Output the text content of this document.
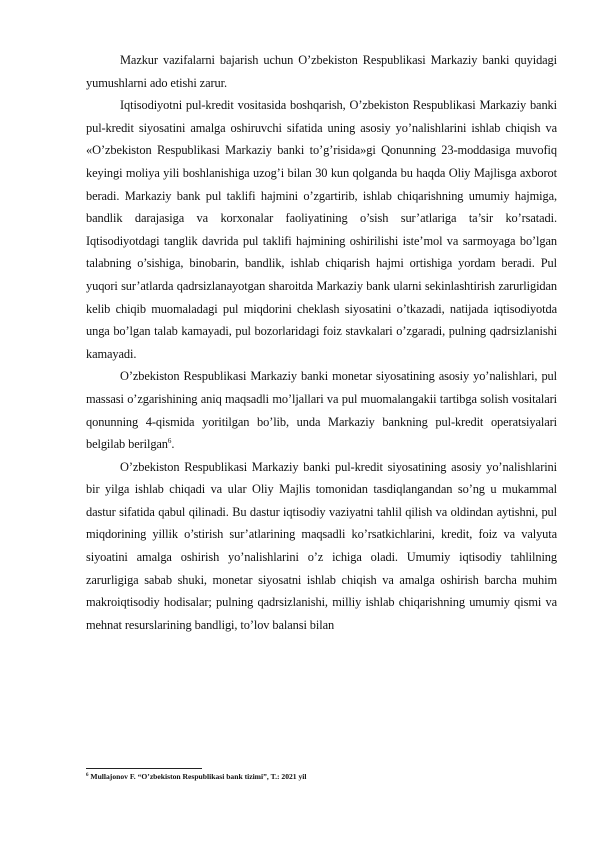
Mazkur vazifalarni bajarish uchun O’zbekiston Respublikasi Markaziy banki quyidagi yumushlarni ado etishi zarur.

Iqtisodiyotni pul-kredit vositasida boshqarish, O’zbekiston Respublikasi Markaziy banki pul-kredit siyosatini amalga oshiruvchi sifatida uning asosiy yo’nalishlarini ishlab chiqish va «O’zbekiston Respublikasi Markaziy banki to’g’risida»gi Qonunning 23-moddasiga muvofiq keyingi moliya yili boshlanishiga uzog’i bilan 30 kun qolganda bu haqda Oliy Majlisga axborot beradi. Markaziy bank pul taklifi hajmini o’zgartirib, ishlab chiqarishning umumiy hajmiga, bandlik darajasiga va korxonalar faoliyatining o’sish sur’atlariga ta’sir ko’rsatadi. Iqtisodiyotdagi tanglik davrida pul taklifi hajmining oshirilishi iste’mol va sarmoyaga bo’lgan talabning o’sishiga, binobarin, bandlik, ishlab chiqarish hajmi ortishiga yordam beradi. Pul yuqori sur’atlarda qadrsizlanayotgan sharoitda Markaziy bank ularni sekinlashtirish zarurligidan kelib chiqib muomaladagi pul miqdorini cheklash siyosatini o’tkazadi, natijada iqtisodiyotda unga bo’lgan talab kamayadi, pul bozorlaridagi foiz stavkalari o’zgaradi, pulning qadrsizlanishi kamayadi.

O’zbekiston Respublikasi Markaziy banki monetar siyosatining asosiy yo’nalishlari, pul massasi o’zgarishining aniq maqsadli mo’ljallari va pul muomalangakii tartibga solish vositalari qonunning 4-qismida yoritilgan bo’lib, unda Markaziy bankning pul-kredit operatsiyalari belgilab berilgan$^6$.

O’zbekiston Respublikasi Markaziy banki pul-kredit siyosatining asosiy yo’nalishlarini bir yilga ishlab chiqadi va ular Oliy Majlis tomonidan tasdiqlangandan so’ng u mukammal dastur sifatida qabul qilinadi. Bu dastur iqtisodiy vaziyatni tahlil qilish va oldindan aytishni, pul miqdorining yillik o’stirish sur’atlarining maqsadli ko’rsatkichlarini, kredit, foiz va valyuta siyoatini amalga oshirish yo’nalishlarini o’z ichiga oladi. Umumiy iqtisodiy tahlilning zarurligiga sabab shuki, monetar siyosatni ishlab chiqish va amalga oshirish barcha muhim makroiqtisodiy hodisalar; pulning qadrsizlanishi, milliy ishlab chiqarishning umumiy qismi va mehnat resurslarining bandligi, to’lov balansi bilan

$^6$ Mullajonov F. “O’zbekiston Respublikasi bank tizimi”, T.: 2021 yil
